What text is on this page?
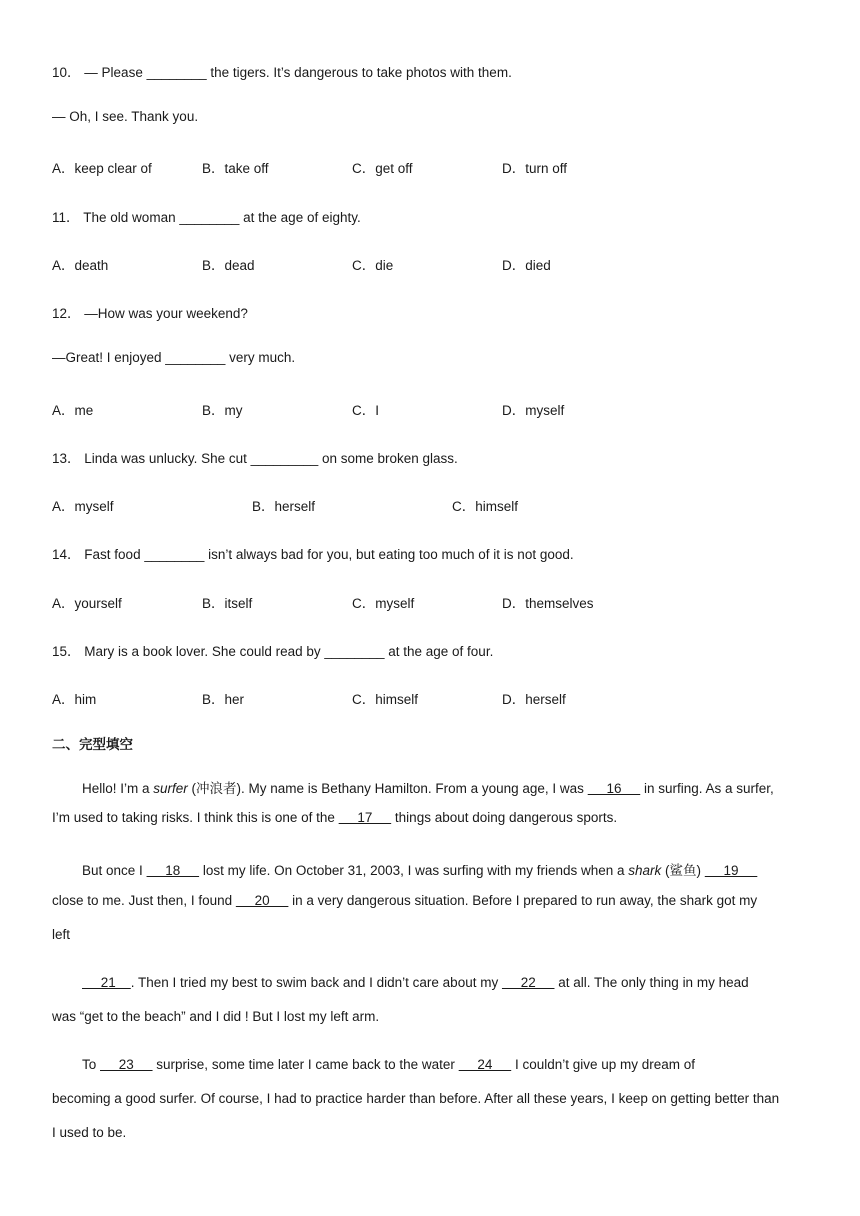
10． — Please ________ the tigers. It’s dangerous to take photos with them.
— Oh, I see. Thank you.
A．keep clear of	B．take off	C．get off	D．turn off
11． The old woman ________ at the age of eighty.
A．death	B．dead	C．die	D．died
12． —How was your weekend?
—Great! I enjoyed ________ very much.
A．me	B．my	C．I	D．myself
13． Linda was unlucky. She cut _________ on some broken glass.
A．myself	B．herself	C．himself
14． Fast food ________ isn’t always bad for you, but eating too much of it is not good.
A．yourself	B．itself	C．myself	D．themselves
15． Mary is a book lover. She could read by ________ at the age of four.
A．him	B．her	C．himself	D．herself
二、完型填空
Hello! I’m a surfer (冲浪者). My name is Bethany Hamilton. From a young age, I was      16      in surfing. As a surfer,
I’m used to taking risks. I think this is one of the      17      things about doing dangerous sports.
But once I      18      lost my life. On October 31, 2003, I was surfing with my friends when a shark (鲨鱼)      19
close to me. Just then, I found      20      in a very dangerous situation. Before I prepared to run away, the shark got my
left
21    . Then I tried my best to swim back and I didn’t care about my      22      at all. The only thing in my head
was “get to the beach” and I did ! But I lost my left arm.
To      23      surprise, some time later I came back to the water      24      I couldn’t give up my dream of
becoming a good surfer. Of course, I had to practice harder than before. After all these years, I keep on getting better than
I used to be.
